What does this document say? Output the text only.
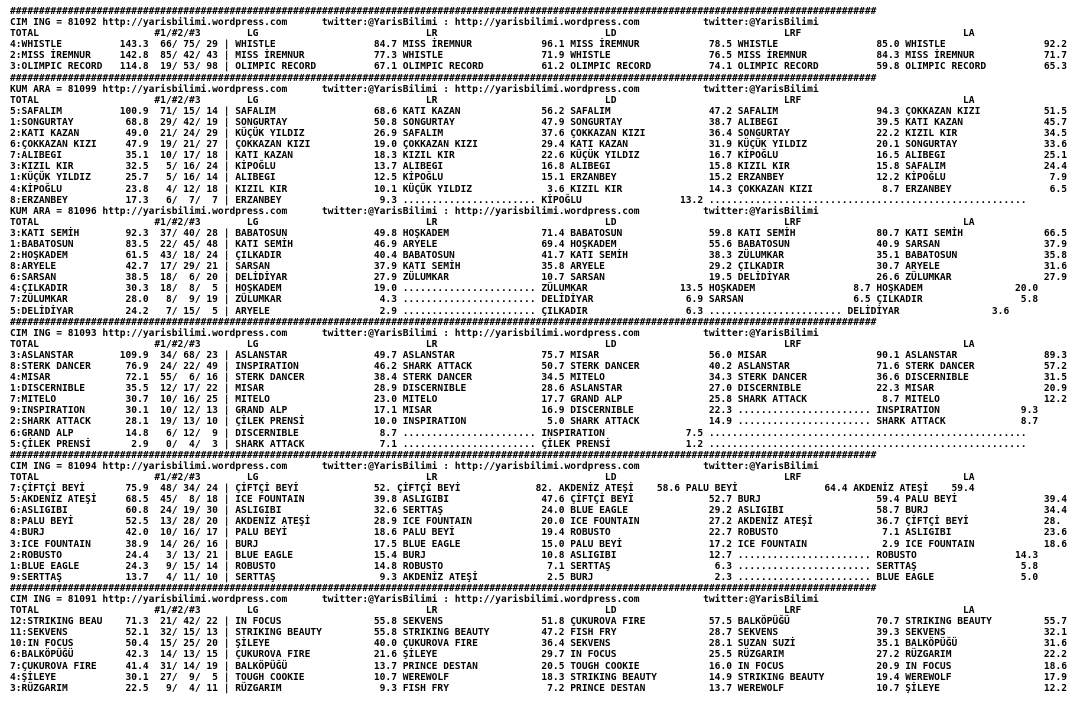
######################################################################################################################################################
CIM ING = 81092 http://yarisbilimi.wordpress.com      twitter:@YarisBilimi : http://yarisbilimi.wordpress.com           twitter:@YarisBilimi
TOTAL                    #1/#2/#3        LG                             LR                             LD                             LRF                            LA
4:WHISTLE          143.3  66/ 75/ 29 | WHISTLE                 84.7 MISS İREMNUR            96.1 MISS İREMNUR            78.5 WHISTLE                 85.0 WHISTLE                 92.2
2:MISS İREMNUR     142.8  85/ 42/ 43 | MISS İREMNUR            77.3 WHISTLE                 71.9 WHISTLE                 76.5 MISS İREMNUR            84.3 MISS İREMNUR            71.7
3:OLIMPIC RECORD   114.8  19/ 53/ 98 | OLIMPIC RECORD          67.1 OLIMPIC RECORD          61.2 OLIMPIC RECORD          74.1 OLIMPIC RECORD          59.8 OLIMPIC RECORD          65.3
######################################################################################################################################################
KUM ARA = 81099 http://yarisbilimi.wordpress.com      twitter:@YarisBilimi : http://yarisbilimi.wordpress.com           twitter:@YarisBilimi
TOTAL                    #1/#2/#3        LG                             LR                             LD                             LRF                            LA
5:SAFALIM          100.9  71/ 15/ 14 | SAFALIM                 68.6 KATI KAZAN              56.2 SAFALIM                 47.2 SAFALIM                 94.3 ÇOKKAZAN KIZI           51.5
1:SONGURTAY         68.8  29/ 42/ 19 | SONGURTAY               50.8 SONGURTAY               47.9 SONGURTAY               38.7 ALIBEGI                 39.5 KATI KAZAN              45.7
2:KATI KAZAN        49.0  21/ 24/ 29 | KÜÇÜK YILDIZ            26.9 SAFALIM                 37.6 ÇOKKAZAN KIZI           36.4 SONGURTAY               22.2 KIZIL KIR               34.5
6:ÇOKKAZAN KIZI     47.9  19/ 21/ 27 | ÇOKKAZAN KIZI           19.0 ÇOKKAZAN KIZI           29.4 KATI KAZAN              31.9 KÜÇÜK YILDIZ            20.1 SONGURTAY               33.6
7:ALIBEGI           35.1  10/ 17/ 18 | KATI KAZAN              18.3 KIZIL KIR               22.6 KÜÇÜK YILDIZ            16.7 KİPOĞLU                 16.5 ALIBEGI                 25.1
3:KIZIL KIR         32.5   5/ 16/ 24 | KİPOĞLU                 13.7 ALIBEGI                 16.8 ALIBEGI                 15.8 KIZIL KIR               15.8 SAFALIM                 24.4
1:KÜÇÜK YILDIZ      25.7   5/ 16/ 14 | ALIBEGI                 12.5 KİPOĞLU                 15.1 ERZANBEY                15.2 ERZANBEY                12.2 KİPOĞLU                  7.9
4:KİPOĞLU           23.8   4/ 12/ 18 | KIZIL KIR               10.1 KÜÇÜK YILDIZ             3.6 KIZIL KIR               14.3 ÇOKKAZAN KIZI            8.7 ERZANBEY                 6.5
8:ERZANBEY          17.3   6/  7/  7 | ERZANBEY                 9.3 ....................... KİPOĞLU                 13.2 .......................................................
KUM ARA = 81096 http://yarisbilimi.wordpress.com      twitter:@YarisBilimi : http://yarisbilimi.wordpress.com           twitter:@YarisBilimi
TOTAL                    #1/#2/#3        LG                             LR                             LD                             LRF                            LA
3:KATI SEMİH        92.3  37/ 40/ 28 | BABATOSUN               49.8 HOŞKADEM                71.4 BABATOSUN               59.8 KATI SEMİH              80.7 KATI SEMİH              66.5
1:BABATOSUN         83.5  22/ 45/ 48 | KATI SEMİH              46.9 ARYELE                  69.4 HOŞKADEM                55.6 BABATOSUN               40.9 SARSAN                  37.9
2:HOŞKADEM          61.5  43/ 18/ 24 | ÇILKADIR                40.4 BABATOSUN               41.7 KATI SEMİH              38.3 ZÜLUMKAR                35.1 BABATOSUN               35.8
8:ARYELE            42.7  17/ 29/ 21 | SARSAN                  37.9 KATI SEMİH              35.8 ARYELE                  29.2 ÇILKADIR                30.7 ARYELE                  31.6
6:SARSAN            38.5  18/  6/ 20 | DELİDİYAR               27.9 ZÜLUMKAR                10.7 SARSAN                  19.5 DELİDİYAR               26.6 ZÜLUMKAR                27.9
4:ÇILKADIR          30.3  18/  8/  5 | HOŞKADEM                19.0 ....................... ZÜLUMKAR                13.5 HOŞKADEM                 8.7 HOŞKADEM                20.0
7:ZÜLUMKAR          28.0   8/  9/ 19 | ZÜLUMKAR                 4.3 ....................... DELİDİYAR                6.9 SARSAN                   6.5 ÇILKADIR                 5.8
5:DELİDİYAR         24.2   7/ 15/  5 | ARYELE                   2.9 ....................... ÇILKADIR                 6.3 ....................... DELİDİYAR                3.6
######################################################################################################################################################
CIM ING = 81093 http://yarisbilimi.wordpress.com      twitter:@YarisBilimi : http://yarisbilimi.wordpress.com           twitter:@YarisBilimi
TOTAL                    #1/#2/#3        LG                             LR                             LD                             LRF                            LA
3:ASLANSTAR        109.9  34/ 68/ 23 | ASLANSTAR               49.7 ASLANSTAR               75.7 MISAR                   56.0 MISAR                   90.1 ASLANSTAR               89.3
8:STERK DANCER      76.9  24/ 22/ 49 | INSPIRATION             46.2 SHARK ATTACK            50.7 STERK DANCER            40.2 ASLANSTAR               71.6 STERK DANCER            57.2
4:MISAR             72.1  55/  6/ 16 | STERK DANCER            38.4 STERK DANCER            34.5 MITELO                  34.3 STERK DANCER            36.6 DISCERNIBLE             31.5
1:DISCERNIBLE       35.5  12/ 17/ 22 | MISAR                   28.9 DISCERNIBLE             28.6 ASLANSTAR               27.0 DISCERNIBLE             22.3 MISAR                   20.9
7:MITELO            30.7  10/ 16/ 25 | MITELO                  23.0 MITELO                  17.7 GRAND ALP               25.8 SHARK ATTACK             8.7 MITELO                  12.2
9:INSPIRATION       30.1  10/ 12/ 13 | GRAND ALP               17.1 MISAR                   16.9 DISCERNIBLE             22.3 ....................... INSPIRATION              9.3
2:SHARK ATTACK      28.1  19/ 13/ 10 | ÇİLEK PRENSİ            10.0 INSPIRATION              5.0 SHARK ATTACK            14.9 ....................... SHARK ATTACK             8.7
6:GRAND ALP         14.8   6/ 12/  9 | DISCERNIBLE              8.7 ....................... INSPIRATION              7.5 .......................................................
5:ÇİLEK PRENSİ       2.9   0/  4/  3 | SHARK ATTACK             7.1 ....................... ÇİLEK PRENSİ             1.2 .......................................................
######################################################################################################################################################
CIM ING = 81094 http://yarisbilimi.wordpress.com      twitter:@YarisBilimi : http://yarisbilimi.wordpress.com           twitter:@YarisBilimi
TOTAL                    #1/#2/#3        LG                             LR                             LD                             LRF                            LA
7:ÇİFTÇİ BEYİ       75.9  48/ 34/ 24 | ÇİFTÇİ BEYİ             52. ÇİFTÇİ BEYİ             82. AKDENİZ ATEŞİ    58.6 PALU BEYİ               64.4 AKDENİZ ATEŞİ    59.4
5:AKDENİZ ATEŞİ     68.5  45/  8/ 18 | ICE FOUNTAIN            39.8 ASLIGIBI                47.6 ÇİFTÇİ BEYİ             52.7 BURJ                    59.4 PALU BEYİ               39.4
6:ASLIGIBI          60.8  24/ 19/ 30 | ASLIGIBI                32.6 SERTTAŞ                 24.0 BLUE EAGLE              29.2 ASLIGIBI                58.7 BURJ                    34.4
8:PALU BEYİ         52.5  13/ 28/ 20 | AKDENİZ ATEŞİ           28.9 ICE FOUNTAIN            20.0 ICE FOUNTAIN            27.2 AKDENİZ ATEŞİ           36.7 ÇİFTÇİ BEYİ             28.
4:BURJ              42.0  10/ 16/ 17 | PALU BEYİ               18.6 PALU BEYİ               19.4 ROBUSTO                 22.7 ROBUSTO                  7.1 ASLIGIBI                23.6
3:ICE FOUNTAIN      38.9  14/ 26/ 16 | BURJ                    17.5 BLUE EAGLE              15.0 PALU BEYİ               17.2 ICE FOUNTAIN             2.9 ICE FOUNTAIN            18.6
2:ROBUSTO           24.4   3/ 13/ 21 | BLUE EAGLE              15.4 BURJ                    10.8 ASLIGIBI                12.7 ....................... ROBUSTO                 14.3
1:BLUE EAGLE        24.3   9/ 15/ 14 | ROBUSTO                 14.8 ROBUSTO                  7.1 SERTTAŞ                  6.3 ....................... SERTTAŞ                  5.8
9:SERTTAŞ           13.7   4/ 11/ 10 | SERTTAŞ                  9.3 AKDENİZ ATEŞİ            2.5 BURJ                     2.3 ....................... BLUE EAGLE               5.0
######################################################################################################################################################
CIM ING = 81091 http://yarisbilimi.wordpress.com      twitter:@YarisBilimi : http://yarisbilimi.wordpress.com           twitter:@YarisBilimi
TOTAL                    #1/#2/#3        LG                             LR                             LD                             LRF                            LA
12:STRIKING BEAU    71.3  21/ 42/ 22 | IN FOCUS                55.8 SEKVENS                 51.8 ÇUKUROVA FIRE           57.5 BALKÖPÜĞÜ               70.7 STRIKING BEAUTY         55.7
11:SEKVENS          52.1  32/ 15/ 13 | STRIKING BEAUTY         55.8 STRIKING BEAUTY         47.2 FISH FRY                28.7 SEKVENS                 39.3 SEKVENS                 32.1
10:IN FOCUS         50.4  15/ 25/ 20 | ŞİLEYE                  40.0 ÇUKUROVA FIRE           36.4 SEKVENS                 28.1 SUZAN SUZİ              35.1 BALKÖPÜĞÜ               31.6
6:BALKÖPÜĞÜ         42.3  14/ 13/ 15 | ÇUKUROVA FIRE           21.6 ŞİLEYE                  29.7 IN FOCUS                25.5 RÜZGARIM                27.2 RÜZGARIM                22.2
7:ÇUKUROVA FIRE     41.4  31/ 14/ 19 | BALKÖPÜĞÜ               13.7 PRINCE DESTAN           20.5 TOUGH COOKIE            16.0 IN FOCUS                20.9 IN FOCUS                18.6
4:ŞİLEYE            30.1  27/  9/  5 | TOUGH COOKIE            10.7 WEREWOLF                18.3 STRIKING BEAUTY         14.9 STRIKING BEAUTY         19.4 WEREWOLF                17.9
3:RÜZGARIM          22.5   9/  4/ 11 | RÜZGARIM                 9.3 FISH FRY                 7.2 PRINCE DESTAN           13.7 WEREWOLF                10.7 ŞİLEYE                  12.2
